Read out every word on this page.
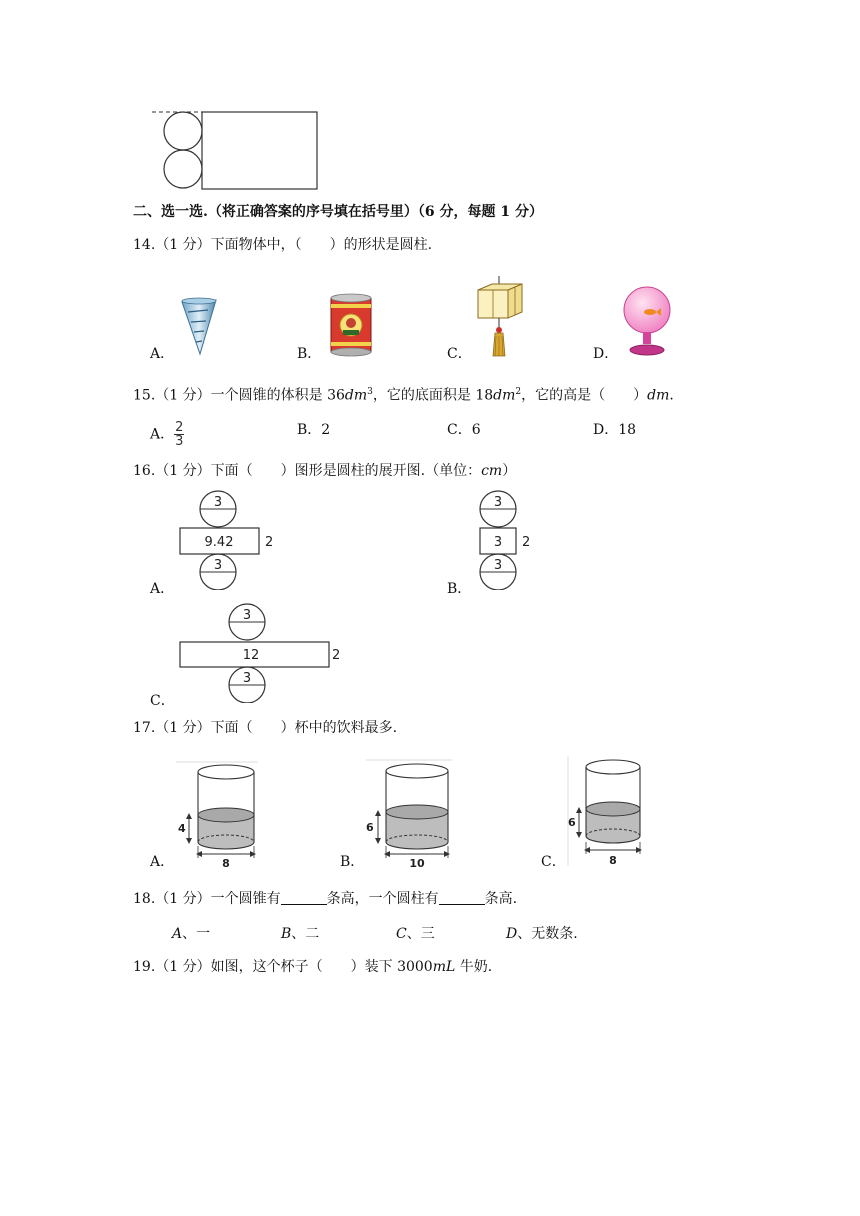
二、选一选.（将正确答案的序号填在括号里）（6 分，每题 1 分）
14.（1 分）下面物体中，（　　）的形状是圆柱.
A．	B．	C．	D．
15.（1 分）一个圆锥的体积是 $36dm^3$，它的底面积是 $18dm^2$，它的高是（　　）dm．
A． $\frac{2}{3}$	B．2	C．6	D．18
16.（1 分）下面（　　）图形是圆柱的展开图.（单位：cm）
A．
3
9.42 2
3
B．
3
3 2
3
C．
3
12	2
3
17.（1 分）下面（　　）杯中的饮料最多.
A．
4
8	B．
6
10	C．
6
8
18.（1 分）一个圆锥有	条高，一个圆柱有	条高.
A、一	B、二	C、三	D、无数条.
19.（1 分）如图，这个杯子（　　）装下 3000mL 牛奶.
